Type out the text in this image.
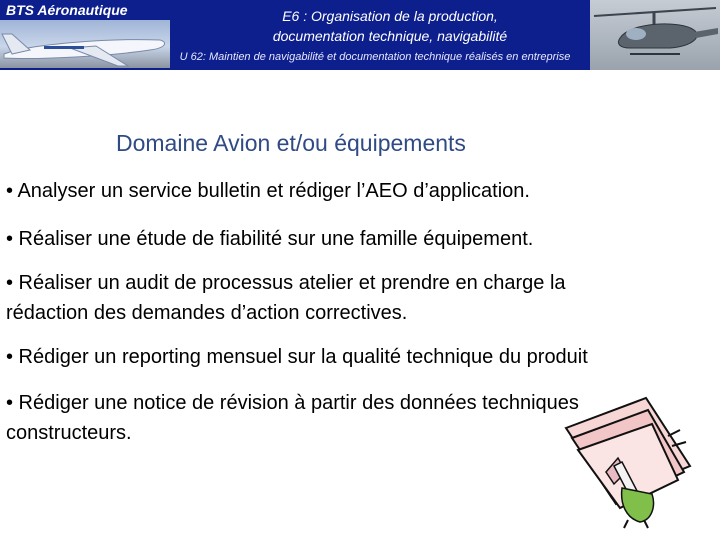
BTS Aéronautique	E6 : Organisation de la production,
documentation technique, navigabilité
U 62: Maintien de navigabilité et documentation technique réalisés en entreprise
Domaine Avion et/ou équipements
• Analyser un service bulletin et rédiger l’AEO d’application.
• Réaliser une étude de fiabilité sur une famille équipement.
• Réaliser un audit de processus atelier et prendre en charge la
rédaction des demandes d’action correctives.
• Rédiger un reporting mensuel sur la qualité technique du produit
• Rédiger une notice de révision à partir des données techniques
constructeurs.
